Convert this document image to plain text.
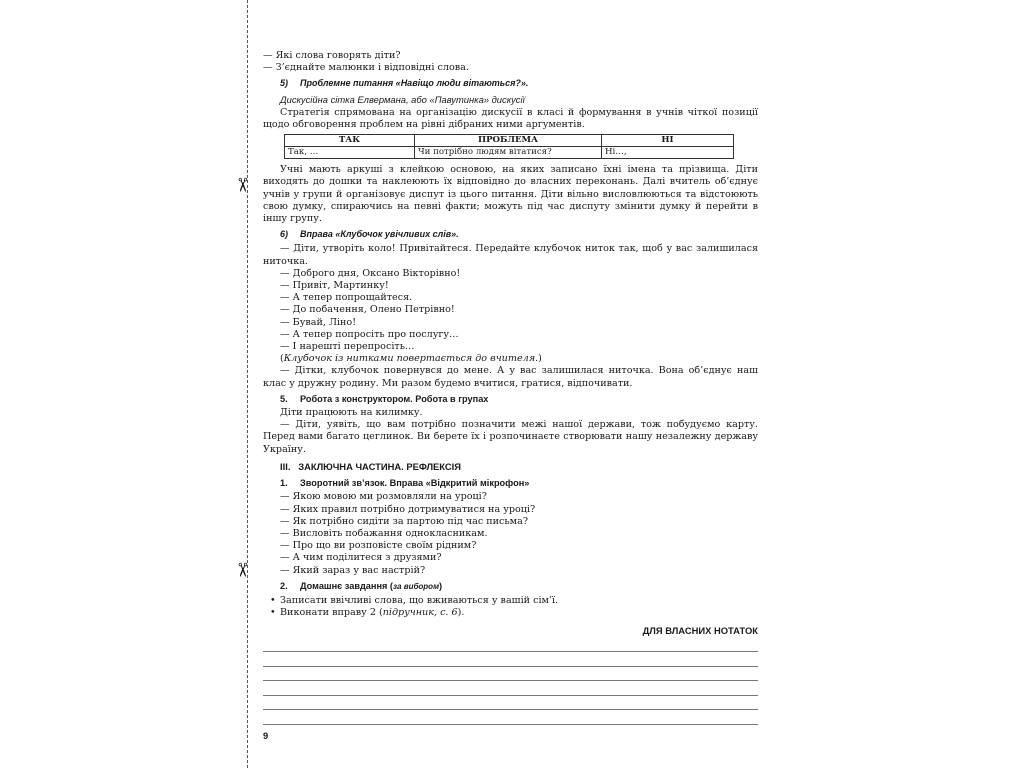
✂
✂
— Які слова говорять діти?
— З’єднайте малюнки і відповідні слова.
5) Проблемне питання «Навіщо люди вітаються?».
Дискусійна сітка Елвермана, або «Павутинка» дискусії
Стратегія спрямована на організацію дискусії в класі й формування в учнів чіткої позиції щодо обговорення проблем на рівні дібраних ними аргументів.
ТАК	ПРОБЛЕМА	НІ
Так, …	Чи потрібно людям вітатися?	Ні…,
Учні мають аркуші з клейкою основою, на яких записано їхні імена та прізвища. Діти виходять до дошки та наклеюють їх відповідно до власних переконань. Далі вчитель об’єднує учнів у групи й організовує диспут із цього питання. Діти вільно висловлюються та відстоюють свою думку, спираючись на певні факти; можуть під час диспуту змінити думку й перейти в іншу групу.
6) Вправа «Клубочок увічливих слів».
— Діти, утворіть коло! Привітайтеся. Передайте клубочок ниток так, щоб у вас залишилася ниточка.
— Доброго дня, Оксано Вікторівно!
— Привіт, Мартинку!
— А тепер попрощайтеся.
— До побачення, Олено Петрівно!
— Бувай, Ліно!
— А тепер попросіть про послугу…
— І нарешті перепросіть…
(Клубочок із нитками повертається до вчителя.)
— Дітки, клубочок повернувся до мене. А у вас залишилася ниточка. Вона об’єднує наш клас у дружну родину. Ми разом будемо вчитися, гратися, відпочивати.
5. Робота з конструктором. Робота в групах
Діти працюють на килимку.
— Діти, уявіть, що вам потрібно позначити межі нашої держави, тож побудуємо карту. Перед вами багато цеглинок. Ви берете їх і розпочинаєте створювати нашу незалежну державу Україну.
III.   ЗАКЛЮЧНА ЧАСТИНА. РЕФЛЕКСІЯ
1. Зворотний зв’язок. Вправа «Відкритий мікрофон»
— Якою мовою ми розмовляли на уроці?
— Яких правил потрібно дотримуватися на уроці?
— Як потрібно сидіти за партою під час письма?
— Висловіть побажання однокласникам.
— Про що ви розповісте своїм рідним?
— А чим поділитеся з друзями?
— Який зараз у вас настрій?
2. Домашнє завдання (за вибором)
• Записати ввічливі слова, що вживаються у вашій сім’ї.
• Виконати вправу 2 (підручник, с. 6).
ДЛЯ ВЛАСНИХ НОТАТОК
9
